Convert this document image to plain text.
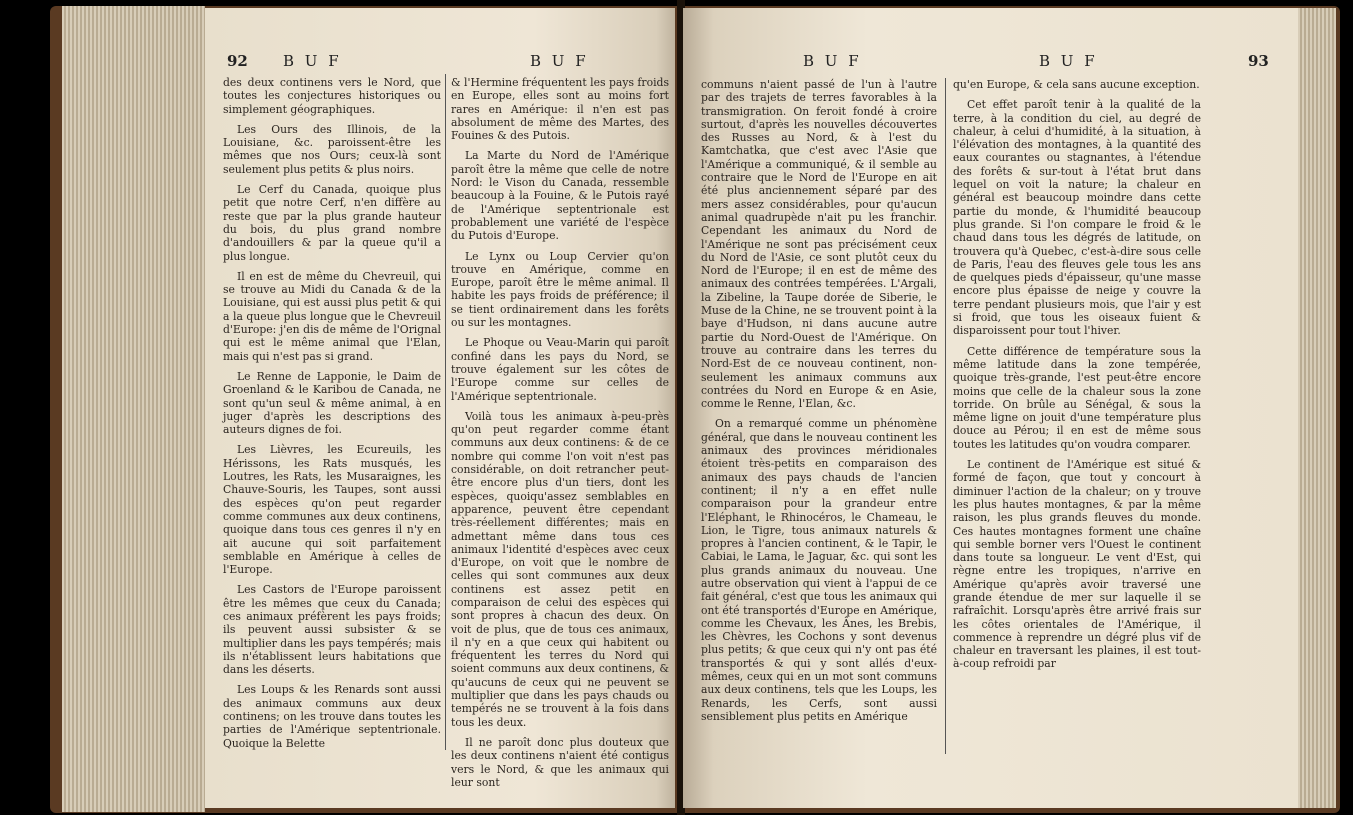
92 B U F	B U F

des deux continens vers le Nord, que toutes les conjectures historiques ou simplement géographiques.

Les Ours des Illinois, de la Louisiane, &c. paroissent-être les mêmes que nos Ours; ceux-là sont seulement plus petits & plus noirs.

Le Cerf du Canada, quoique plus petit que notre Cerf, n'en diffère au reste que par la plus grande hauteur du bois, du plus grand nombre d'andouillers & par la queue qu'il a plus longue.

Il en est de même du Chevreuil, qui se trouve au Midi du Canada & de la Louisiane, qui est aussi plus petit & qui a la queue plus longue que le Chevreuil d'Europe: j'en dis de même de l'Orignal qui est le même animal que l'Elan, mais qui n'est pas si grand.

Le Renne de Lapponie, le Daim de Groenland & le Karibou de Canada, ne sont qu'un seul & même animal, à en juger d'après les descriptions des auteurs dignes de foi.

Les Lièvres, les Ecureuils, les Hérissons, les Rats musqués, les Loutres, les Rats, les Musaraignes, les Chauve-Souris, les Taupes, sont aussi des espèces qu'on peut regarder comme communes aux deux continens, quoique dans tous ces genres il n'y en ait aucune qui soit parfaitement semblable en Amérique à celles de l'Europe.

Les Castors de l'Europe paroissent être les mêmes que ceux du Canada; ces animaux préfèrent les pays froids; ils peuvent aussi subsister & se multiplier dans les pays tempérés; mais ils n'établissent leurs habitations que dans les déserts.

Les Loups & les Renards sont aussi des animaux communs aux deux continens; on les trouve dans toutes les parties de l'Amérique septentrionale. Quoique la Belette

& l'Hermine fréquentent les pays froids en Europe, elles sont au moins fort rares en Amérique: il n'en est pas absolument de même des Martes, des Fouines & des Putois.

La Marte du Nord de l'Amérique paroît être la même que celle de notre Nord: le Vison du Canada, ressemble beaucoup à la Fouine, & le Putois rayé de l'Amérique septentrionale est probablement une variété de l'espèce du Putois d'Europe.

Le Lynx ou Loup Cervier qu'on trouve en Amérique, comme en Europe, paroît être le même animal. Il habite les pays froids de préférence; il se tient ordinairement dans les forêts ou sur les montagnes.

Le Phoque ou Veau-Marin qui paroît confiné dans les pays du Nord, se trouve également sur les côtes de l'Europe comme sur celles de l'Amérique septentrionale.

Voilà tous les animaux à-peu-près qu'on peut regarder comme étant communs aux deux continens: & de ce nombre qui comme l'on voit n'est pas considérable, on doit retrancher peut-être encore plus d'un tiers, dont les espèces, quoiqu'assez semblables en apparence, peuvent être cependant très-réellement différentes; mais en admettant même dans tous ces animaux l'identité d'espèces avec ceux d'Europe, on voit que le nombre de celles qui sont communes aux deux continens est assez petit en comparaison de celui des espèces qui sont propres à chacun des deux. On voit de plus, que de tous ces animaux, il n'y en a que ceux qui habitent ou fréquentent les terres du Nord qui soient communs aux deux continens, & qu'aucuns de ceux qui ne peuvent se multiplier que dans les pays chauds ou tempérés ne se trouvent à la fois dans tous les deux.

Il ne paroît donc plus douteux que les deux continens n'aient été contigus vers le Nord, & que les animaux qui leur sont

B U F	B U F	93

communs n'aient passé de l'un à l'autre par des trajets de terres favorables à la transmigration. On feroit fondé à croire surtout, d'après les nouvelles découvertes des Russes au Nord, & à l'est du Kamtchatka, que c'est avec l'Asie que l'Amérique a communiqué, & il semble au contraire que le Nord de l'Europe en ait été plus anciennement séparé par des mers assez considérables, pour qu'aucun animal quadrupède n'ait pu les franchir. Cependant les animaux du Nord de l'Amérique ne sont pas précisément ceux du Nord de l'Asie, ce sont plutôt ceux du Nord de l'Europe; il en est de même des animaux des contrées tempérées. L'Argali, la Zibeline, la Taupe dorée de Siberie, le Muse de la Chine, ne se trouvent point à la baye d'Hudson, ni dans aucune autre partie du Nord-Ouest de l'Amérique. On trouve au contraire dans les terres du Nord-Est de ce nouveau continent, non-seulement les animaux communs aux contrées du Nord en Europe & en Asie, comme le Renne, l'Elan, &c.

On a remarqué comme un phénomène général, que dans le nouveau continent les animaux des provinces méridionales étoient très-petits en comparaison des animaux des pays chauds de l'ancien continent; il n'y a en effet nulle comparaison pour la grandeur entre l'Eléphant, le Rhinocéros, le Chameau, le Lion, le Tigre, tous animaux naturels & propres à l'ancien continent, & le Tapir, le Cabiai, le Lama, le Jaguar, &c. qui sont les plus grands animaux du nouveau. Une autre observation qui vient à l'appui de ce fait général, c'est que tous les animaux qui ont été transportés d'Europe en Amérique, comme les Chevaux, les Ânes, les Brebis, les Chèvres, les Cochons y sont devenus plus petits; & que ceux qui n'y ont pas été transportés & qui y sont allés d'eux-mêmes, ceux qui en un mot sont communs aux deux continens, tels que les Loups, les Renards, les Cerfs, sont aussi sensiblement plus petits en Amérique

qu'en Europe, & cela sans aucune exception.

Cet effet paroît tenir à la qualité de la terre, à la condition du ciel, au degré de chaleur, à celui d'humidité, à la situation, à l'élévation des montagnes, à la quantité des eaux courantes ou stagnantes, à l'étendue des forêts & sur-tout à l'état brut dans lequel on voit la nature; la chaleur en général est beaucoup moindre dans cette partie du monde, & l'humidité beaucoup plus grande. Si l'on compare le froid & le chaud dans tous les dégrés de latitude, on trouvera qu'à Quebec, c'est-à-dire sous celle de Paris, l'eau des fleuves gele tous les ans de quelques pieds d'épaisseur, qu'une masse encore plus épaisse de neige y couvre la terre pendant plusieurs mois, que l'air y est si froid, que tous les oiseaux fuient & disparoissent pour tout l'hiver.

Cette différence de température sous la même latitude dans la zone tempérée, quoique très-grande, l'est peut-être encore moins que celle de la chaleur sous la zone torride. On brûle au Sénégal, & sous la même ligne on jouit d'une température plus douce au Pérou; il en est de même sous toutes les latitudes qu'on voudra comparer.

Le continent de l'Amérique est situé & formé de façon, que tout y concourt à diminuer l'action de la chaleur; on y trouve les plus hautes montagnes, & par la même raison, les plus grands fleuves du monde. Ces hautes montagnes forment une chaîne qui semble borner vers l'Ouest le continent dans toute sa longueur. Le vent d'Est, qui règne entre les tropiques, n'arrive en Amérique qu'après avoir traversé une grande étendue de mer sur laquelle il se rafraîchit. Lorsqu'après être arrivé frais sur les côtes orientales de l'Amérique, il commence à reprendre un dégré plus vif de chaleur en traversant les plaines, il est tout-à-coup refroidi par
